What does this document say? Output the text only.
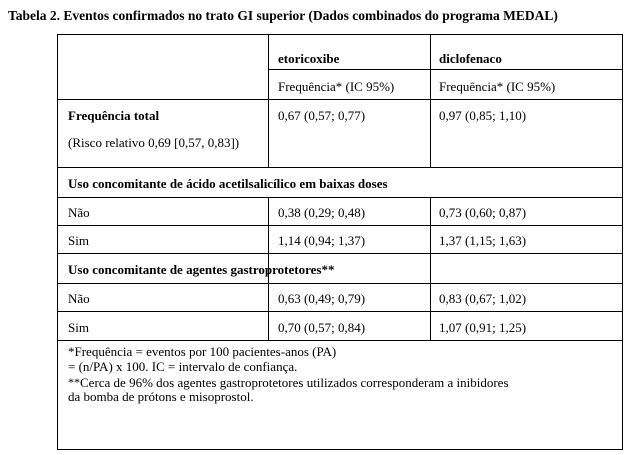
Tabela 2. Eventos confirmados no trato GI superior (Dados combinados do programa MEDAL)
etoricoxibe	diclofenaco
Frequência* (IC 95%)	Frequência* (IC 95%)
Frequência total
(Risco relativo 0,69 [0,57, 0,83])
0,67 (0,57; 0,77)	0,97 (0,85; 1,10)
Uso concomitante de ácido acetilsalicílico em baixas doses
Não	0,38 (0,29; 0,48)	0,73 (0,60; 0,87)
Sim	1,14 (0,94; 1,37)	1,37 (1,15; 1,63)
Uso concomitante de agentes gastroprotetores**
Não	0,63 (0,49; 0,79)	0,83 (0,67; 1,02)
Sim	0,70 (0,57; 0,84)	1,07 (0,91; 1,25)
*Frequência = eventos por 100 pacientes-anos (PA)
= (n/PA) x 100. IC = intervalo de confiança.
**Cerca de 96% dos agentes gastroprotetores utilizados corresponderam a inibidores
da bomba de prótons e misoprostol.
